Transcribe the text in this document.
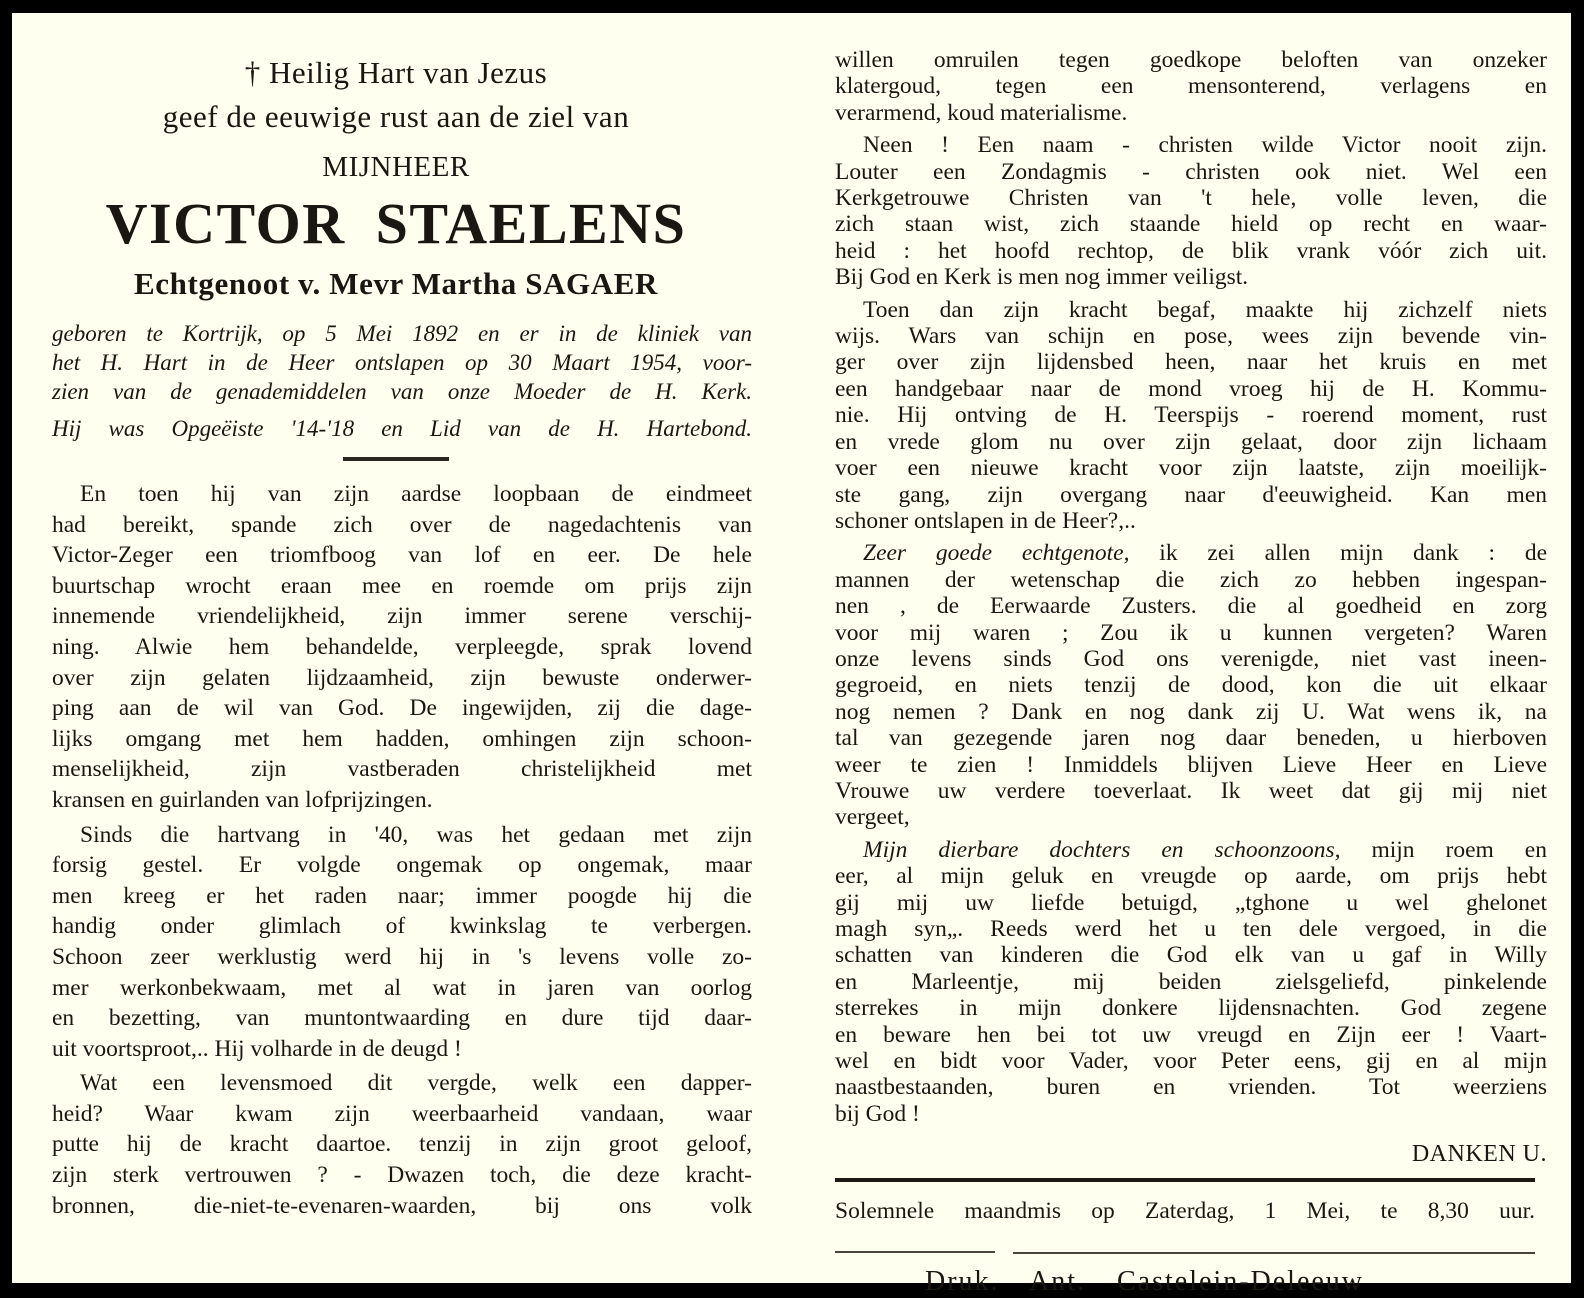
† Heilig Hart van Jezus
geef de eeuwige rust aan de ziel van
MIJNHEER
VICTOR STAELENS
Echtgenoot v. Mevr Martha SAGAER
geboren te Kortrijk, op 5 Mei 1892 en er in de kliniek van
het H. Hart in de Heer ontslapen op 30 Maart 1954, voor-
zien van de genademiddelen van onze Moeder de H. Kerk.
Hij was Opgeëiste '14-'18 en Lid van de H. Hartebond.
En toen hij van zijn aardse loopbaan de eindmeet
had bereikt, spande zich over de nagedachtenis van
Victor-Zeger een triomfboog van lof en eer. De hele
buurtschap wrocht eraan mee en roemde om prijs zijn
innemende vriendelijkheid, zijn immer serene verschij-
ning. Alwie hem behandelde, verpleegde, sprak lovend
over zijn gelaten lijdzaamheid, zijn bewuste onderwer-
ping aan de wil van God. De ingewijden, zij die dage-
lijks omgang met hem hadden, omhingen zijn schoon-
menselijkheid, zijn vastberaden christelijkheid met
kransen en guirlanden van lofprijzingen.
Sinds die hartvang in '40, was het gedaan met zijn
forsig gestel. Er volgde ongemak op ongemak, maar
men kreeg er het raden naar; immer poogde hij die
handig onder glimlach of kwinkslag te verbergen.
Schoon zeer werklustig werd hij in 's levens volle zo-
mer werkonbekwaam, met al wat in jaren van oorlog
en bezetting, van muntontwaarding en dure tijd daar-
uit voortsproot,.. Hij volharde in de deugd !
Wat een levensmoed dit vergde, welk een dapper-
heid? Waar kwam zijn weerbaarheid vandaan, waar
putte hij de kracht daartoe. tenzij in zijn groot geloof,
zijn sterk vertrouwen ? - Dwazen toch, die deze kracht-
bronnen, die-niet-te-evenaren-waarden, bij ons volk
willen omruilen tegen goedkope beloften van onzeker
klatergoud, tegen een mensonterend, verlagens en
verarmend, koud materialisme.
Neen ! Een naam - christen wilde Victor nooit zijn.
Louter een Zondagmis - christen ook niet. Wel een
Kerkgetrouwe Christen van 't hele, volle leven, die
zich staan wist, zich staande hield op recht en waar-
heid : het hoofd rechtop, de blik vrank vóór zich uit.
Bij God en Kerk is men nog immer veiligst.
Toen dan zijn kracht begaf, maakte hij zichzelf niets
wijs. Wars van schijn en pose, wees zijn bevende vin-
ger over zijn lijdensbed heen, naar het kruis en met
een handgebaar naar de mond vroeg hij de H. Kommu-
nie. Hij ontving de H. Teerspijs - roerend moment, rust
en vrede glom nu over zijn gelaat, door zijn lichaam
voer een nieuwe kracht voor zijn laatste, zijn moeilijk-
ste gang, zijn overgang naar d'eeuwigheid. Kan men
schoner ontslapen in de Heer?,..
Zeer goede echtgenote, ik zei allen mijn dank : de
mannen der wetenschap die zich zo hebben ingespan-
nen , de Eerwaarde Zusters. die al goedheid en zorg
voor mij waren ; Zou ik u kunnen vergeten? Waren
onze levens sinds God ons verenigde, niet vast ineen-
gegroeid, en niets tenzij de dood, kon die uit elkaar
nog nemen ? Dank en nog dank zij U. Wat wens ik, na
tal van gezegende jaren nog daar beneden, u hierboven
weer te zien ! Inmiddels blijven Lieve Heer en Lieve
Vrouwe uw verdere toeverlaat. Ik weet dat gij mij niet
vergeet,
Mijn dierbare dochters en schoonzoons, mijn roem en
eer, al mijn geluk en vreugde op aarde, om prijs hebt
gij mij uw liefde betuigd, „tghone u wel ghelonet
magh syn„. Reeds werd het u ten dele vergoed, in die
schatten van kinderen die God elk van u gaf in Willy
en Marleentje, mij beiden zielsgeliefd, pinkelende
sterrekes in mijn donkere lijdensnachten. God zegene
en beware hen bei tot uw vreugd en Zijn eer ! Vaart-
wel en bidt voor Vader, voor Peter eens, gij en al mijn
naastbestaanden, buren en vrienden. Tot weerziens
bij God !
DANKEN U.
Solemnele maandmis op Zaterdag, 1 Mei, te 8,30 uur.
Druk. Ant. Castelein-Deleeuw
